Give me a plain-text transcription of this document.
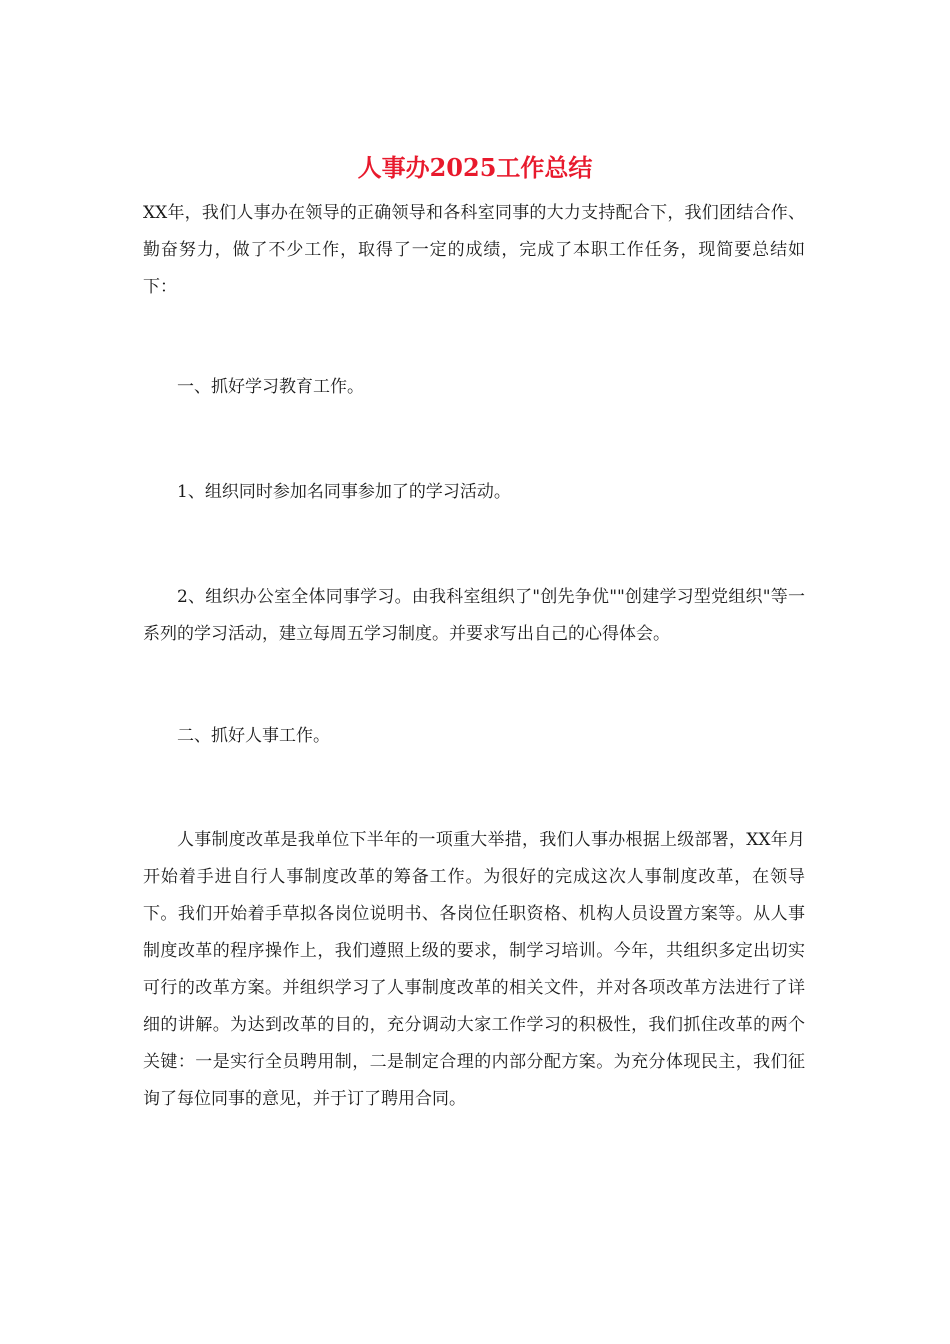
人事办2025工作总结

XX年，我们人事办在领导的正确领导和各科室同事的大力支持配合下，我们团结合作、勤奋努力，做了不少工作，取得了一定的成绩，完成了本职工作任务，现简要总结如下：

一、抓好学习教育工作。

1、组织同时参加名同事参加了的学习活动。

2、组织办公室全体同事学习。由我科室组织了"创先争优""创建学习型党组织"等一系列的学习活动，建立每周五学习制度。并要求写出自己的心得体会。

二、抓好人事工作。

人事制度改革是我单位下半年的一项重大举措，我们人事办根据上级部署，XX年月开始着手进自行人事制度改革的筹备工作。为很好的完成这次人事制度改革，在领导下。我们开始着手草拟各岗位说明书、各岗位任职资格、机构人员设置方案等。从人事制度改革的程序操作上，我们遵照上级的要求，制学习培训。今年，共组织多定出切实可行的改革方案。并组织学习了人事制度改革的相关文件，并对各项改革方法进行了详细的讲解。为达到改革的目的，充分调动大家工作学习的积极性，我们抓住改革的两个关键：一是实行全员聘用制，二是制定合理的内部分配方案。为充分体现民主，我们征询了每位同事的意见，并于订了聘用合同。
